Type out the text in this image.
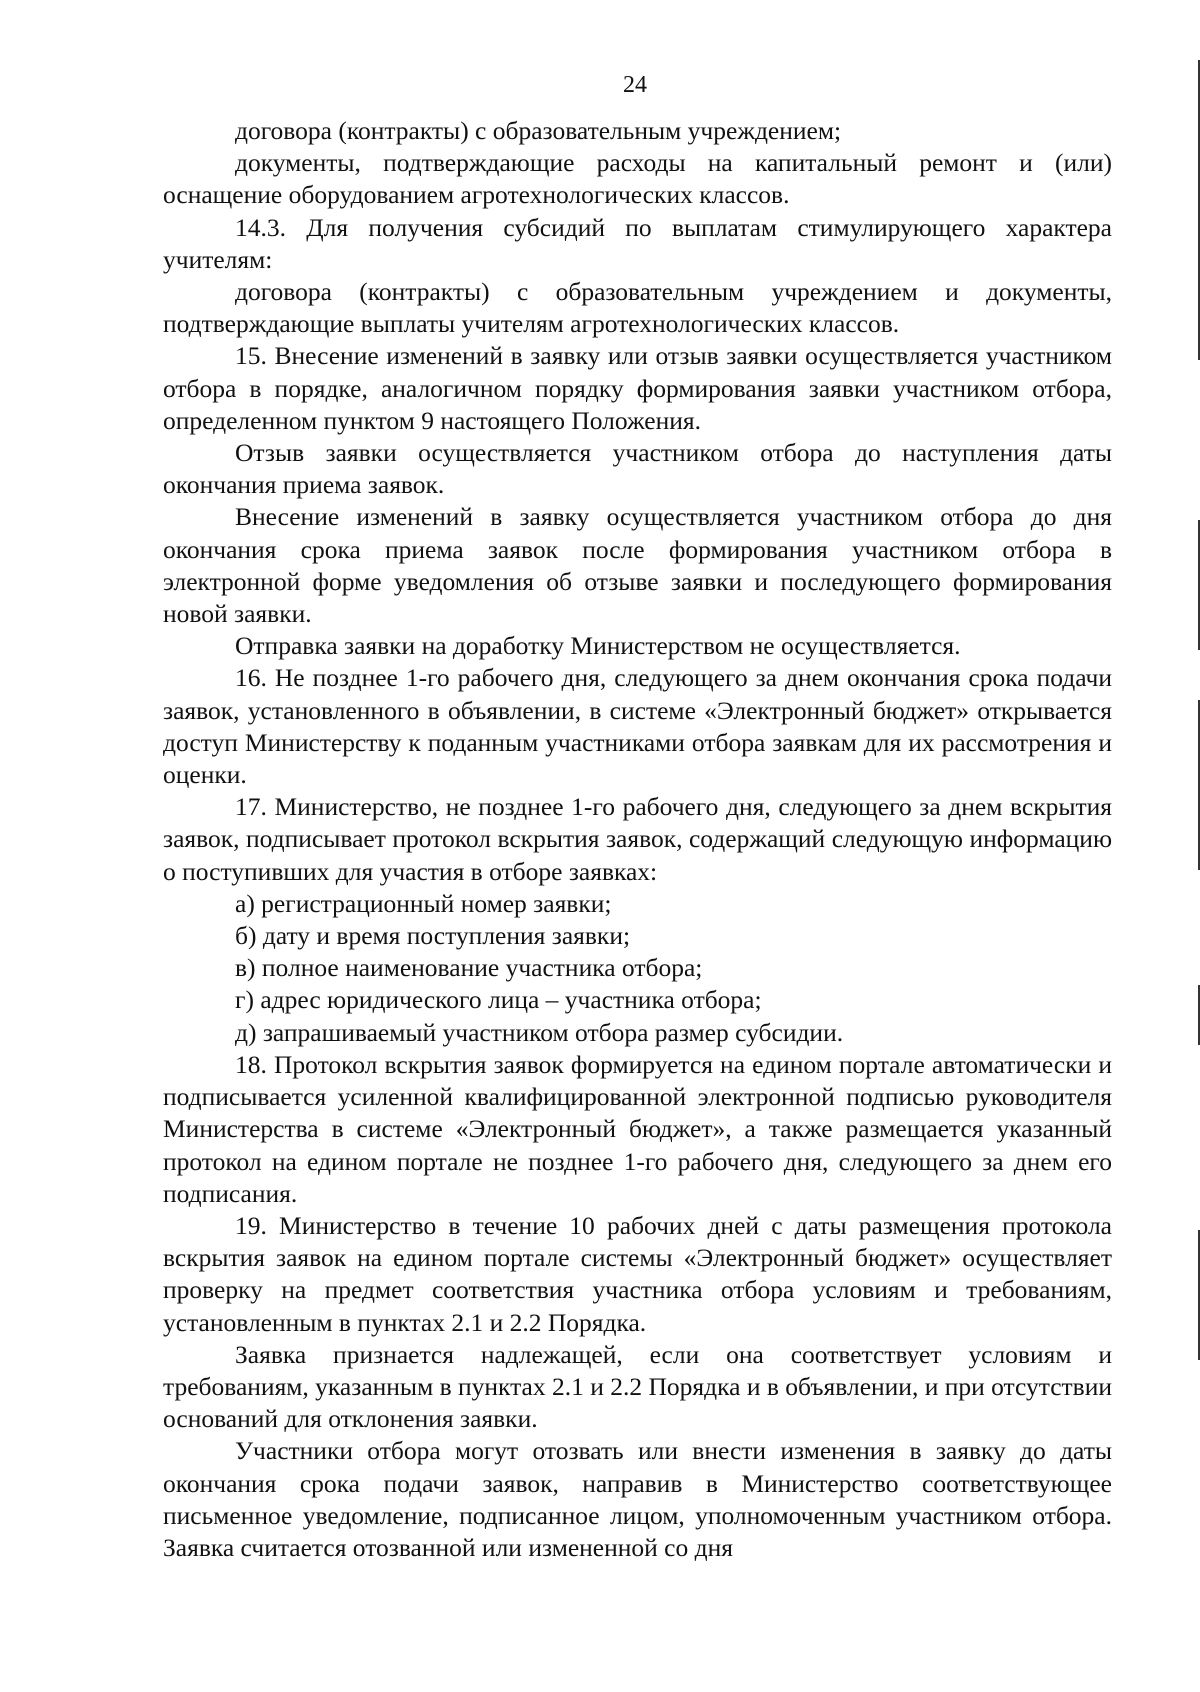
24

договора (контракты) с образовательным учреждением;

документы, подтверждающие расходы на капитальный ремонт и (или) оснащение оборудованием агротехнологических классов.

14.3. Для получения субсидий по выплатам стимулирующего характера учителям:

договора (контракты) с образовательным учреждением и документы, подтверждающие выплаты учителям агротехнологических классов.

15. Внесение изменений в заявку или отзыв заявки осуществляется участником отбора в порядке, аналогичном порядку формирования заявки участником отбора, определенном пунктом 9 настоящего Положения.

Отзыв заявки осуществляется участником отбора до наступления даты окончания приема заявок.

Внесение изменений в заявку осуществляется участником отбора до дня окончания срока приема заявок после формирования участником отбора в электронной форме уведомления об отзыве заявки и последующего формирования новой заявки.

Отправка заявки на доработку Министерством не осуществляется.

16. Не позднее 1-го рабочего дня, следующего за днем окончания срока подачи заявок, установленного в объявлении, в системе «Электронный бюджет» открывается доступ Министерству к поданным участниками отбора заявкам для их рассмотрения и оценки.

17. Министерство, не позднее 1-го рабочего дня, следующего за днем вскрытия заявок, подписывает протокол вскрытия заявок, содержащий следующую информацию о поступивших для участия в отборе заявках:

а) регистрационный номер заявки;

б) дату и время поступления заявки;

в) полное наименование участника отбора;

г) адрес юридического лица – участника отбора;

д) запрашиваемый участником отбора размер субсидии.

18. Протокол вскрытия заявок формируется на едином портале автоматически и подписывается усиленной квалифицированной электронной подписью руководителя Министерства в системе «Электронный бюджет», а также размещается указанный протокол на едином портале не позднее 1-го рабочего дня, следующего за днем его подписания.

19. Министерство в течение 10 рабочих дней с даты размещения протокола вскрытия заявок на едином портале системы «Электронный бюджет» осуществляет проверку на предмет соответствия участника отбора условиям и требованиям, установленным в пунктах 2.1 и 2.2 Порядка.

Заявка признается надлежащей, если она соответствует условиям и требованиям, указанным в пунктах 2.1 и 2.2 Порядка и в объявлении, и при отсутствии оснований для отклонения заявки.

Участники отбора могут отозвать или внести изменения в заявку до даты окончания срока подачи заявок, направив в Министерство соответствующее письменное уведомление, подписанное лицом, уполномоченным участником отбора. Заявка считается отозванной или измененной со дня
